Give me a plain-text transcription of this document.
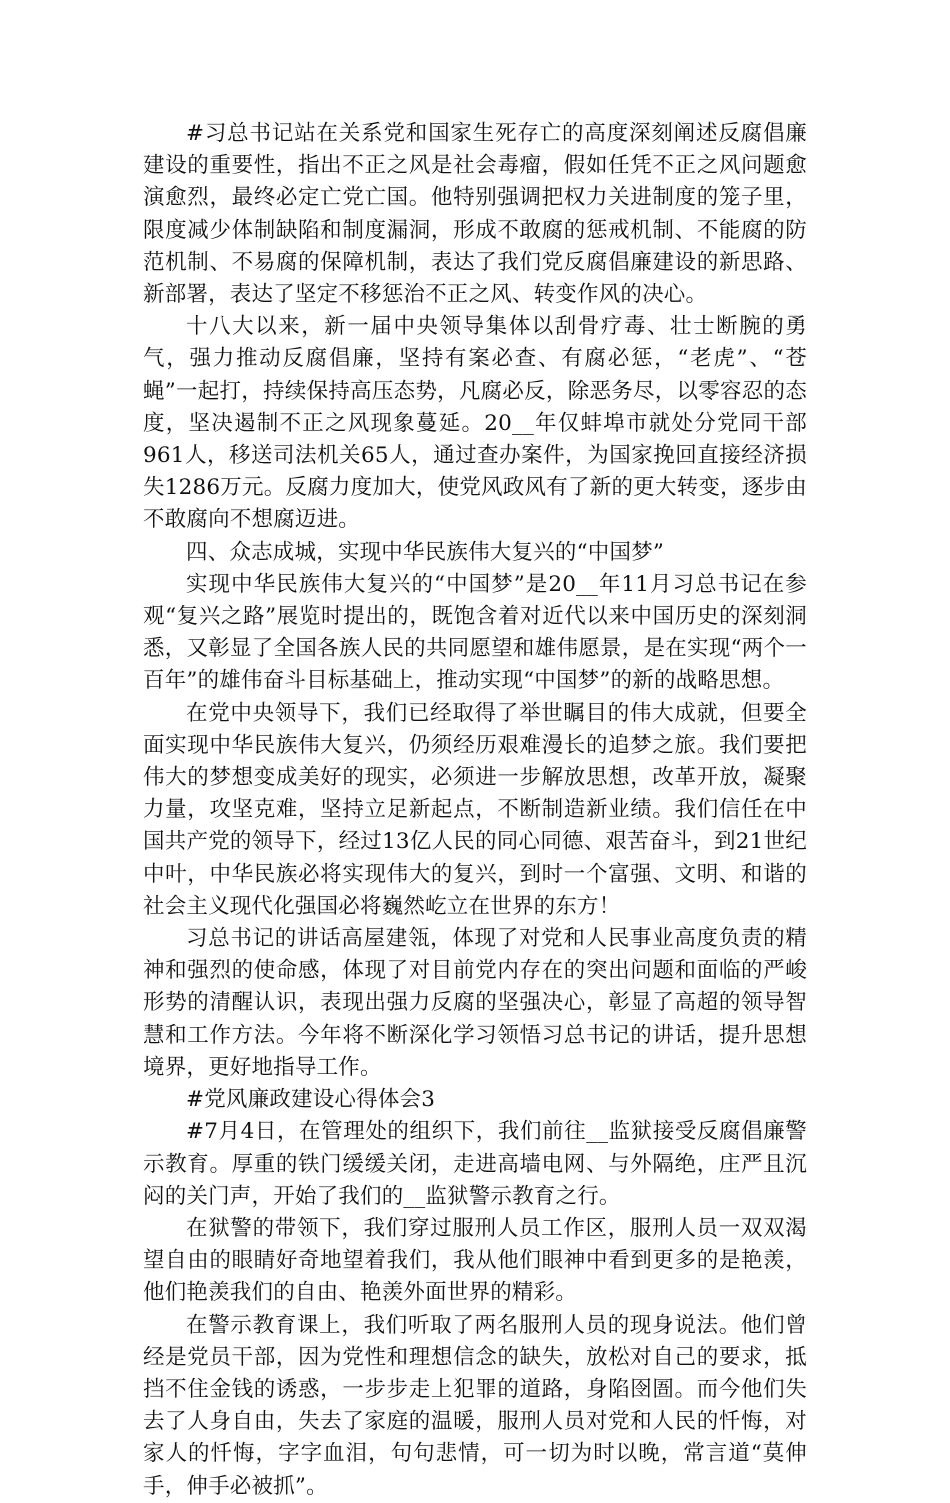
#习总书记站在关系党和国家生死存亡的高度深刻阐述反腐倡廉建设的重要性，指出不正之风是社会毒瘤，假如任凭不正之风问题愈演愈烈，最终必定亡党亡国。他特别强调把权力关进制度的笼子里，限度减少体制缺陷和制度漏洞，形成不敢腐的惩戒机制、不能腐的防范机制、不易腐的保障机制，表达了我们党反腐倡廉建设的新思路、新部署，表达了坚定不移惩治不正之风、转变作风的决心。

十八大以来，新一届中央领导集体以刮骨疗毒、壮士断腕的勇气，强力推动反腐倡廉，坚持有案必查、有腐必惩，“老虎”、“苍蝇”一起打，持续保持高压态势，凡腐必反，除恶务尽，以零容忍的态度，坚决遏制不正之风现象蔓延。20__年仅蚌埠市就处分党同干部961人，移送司法机关65人，通过查办案件，为国家挽回直接经济损失1286万元。反腐力度加大，使党风政风有了新的更大转变，逐步由不敢腐向不想腐迈进。

四、众志成城，实现中华民族伟大复兴的“中国梦”

实现中华民族伟大复兴的“中国梦”是20__年11月习总书记在参观“复兴之路”展览时提出的，既饱含着对近代以来中国历史的深刻洞悉，又彰显了全国各族人民的共同愿望和雄伟愿景，是在实现“两个一百年”的雄伟奋斗目标基础上，推动实现“中国梦”的新的战略思想。

在党中央领导下，我们已经取得了举世瞩目的伟大成就，但要全面实现中华民族伟大复兴，仍须经历艰难漫长的追梦之旅。我们要把伟大的梦想变成美好的现实，必须进一步解放思想，改革开放，凝聚力量，攻坚克难，坚持立足新起点，不断制造新业绩。我们信任在中国共产党的领导下，经过13亿人民的同心同德、艰苦奋斗，到21世纪中叶，中华民族必将实现伟大的复兴，到时一个富强、文明、和谐的社会主义现代化强国必将巍然屹立在世界的东方！

习总书记的讲话高屋建瓴，体现了对党和人民事业高度负责的精神和强烈的使命感，体现了对目前党内存在的突出问题和面临的严峻形势的清醒认识，表现出强力反腐的坚强决心，彰显了高超的领导智慧和工作方法。今年将不断深化学习领悟习总书记的讲话，提升思想境界，更好地指导工作。

#党风廉政建设心得体会3

#7月4日，在管理处的组织下，我们前往__监狱接受反腐倡廉警示教育。厚重的铁门缓缓关闭，走进高墙电网、与外隔绝，庄严且沉闷的关门声，开始了我们的__监狱警示教育之行。

在狱警的带领下，我们穿过服刑人员工作区，服刑人员一双双渴望自由的眼睛好奇地望着我们，我从他们眼神中看到更多的是艳羡，他们艳羡我们的自由、艳羡外面世界的精彩。

在警示教育课上，我们听取了两名服刑人员的现身说法。他们曾经是党员干部，因为党性和理想信念的缺失，放松对自己的要求，抵挡不住金钱的诱惑，一步步走上犯罪的道路，身陷囹圄。而今他们失去了人身自由，失去了家庭的温暖，服刑人员对党和人民的忏悔，对家人的忏悔，字字血泪，句句悲情，可一切为时以晚，常言道“莫伸手，伸手必被抓”。
